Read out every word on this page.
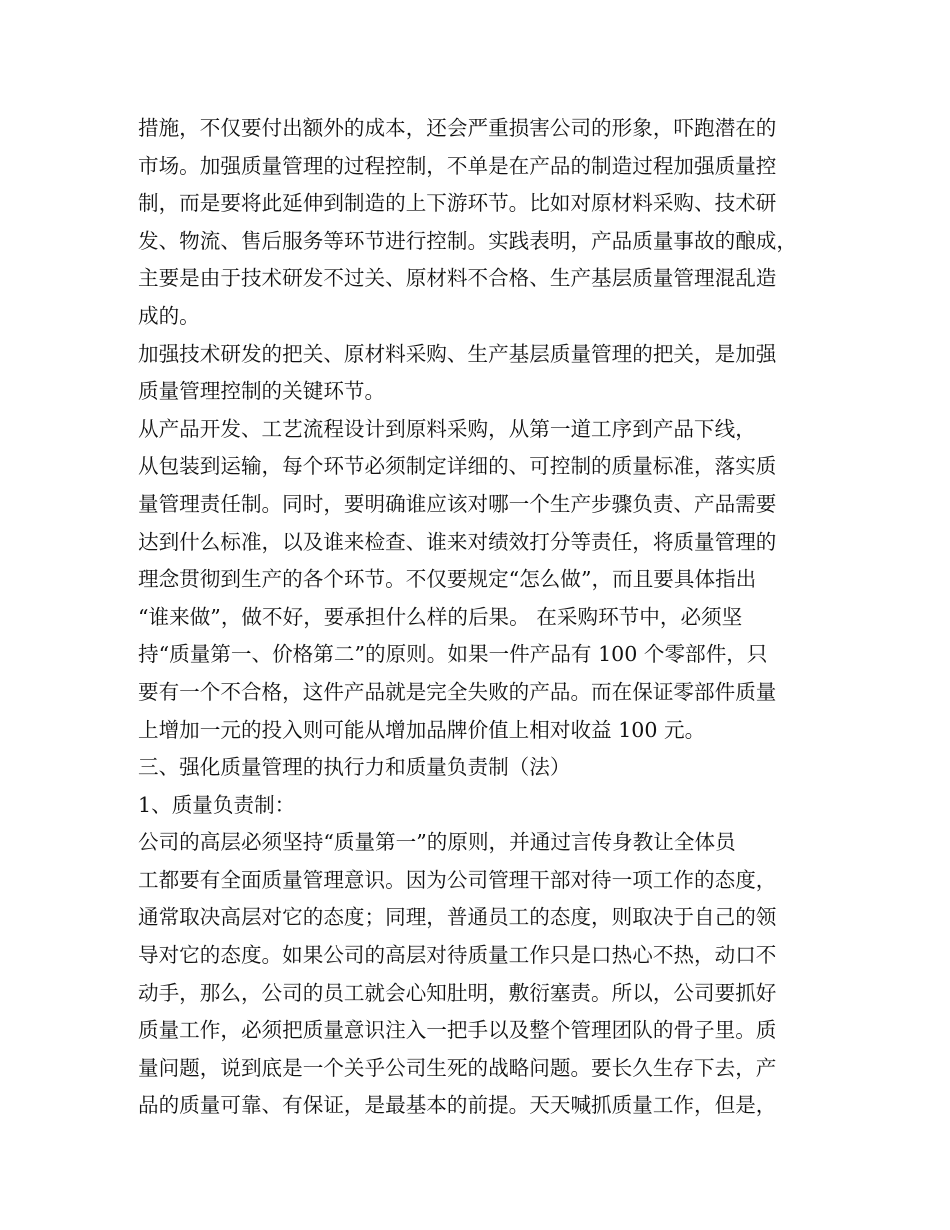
措施，不仅要付出额外的成本，还会严重损害公司的形象，吓跑潜在的
市场。加强质量管理的过程控制，不单是在产品的制造过程加强质量控
制，而是要将此延伸到制造的上下游环节。比如对原材料采购、技术研
发、物流、售后服务等环节进行控制。实践表明，产品质量事故的酿成，
主要是由于技术研发不过关、原材料不合格、生产基层质量管理混乱造
成的。
加强技术研发的把关、原材料采购、生产基层质量管理的把关，是加强
质量管理控制的关键环节。
从产品开发、工艺流程设计到原料采购，从第一道工序到产品下线，
从包装到运输，每个环节必须制定详细的、可控制的质量标准，落实质
量管理责任制。同时，要明确谁应该对哪一个生产步骤负责、产品需要
达到什么标准，以及谁来检查、谁来对绩效打分等责任，将质量管理的
理念贯彻到生产的各个环节。不仅要规定“怎么做”，而且要具体指出
“谁来做”，做不好，要承担什么样的后果。 在采购环节中，必须坚
持“质量第一、价格第二”的原则。如果一件产品有 100 个零部件，只
要有一个不合格，这件产品就是完全失败的产品。而在保证零部件质量
上增加一元的投入则可能从增加品牌价值上相对收益 100 元。
三、强化质量管理的执行力和质量负责制（法）
1、质量负责制：
公司的高层必须坚持“质量第一”的原则，并通过言传身教让全体员
工都要有全面质量管理意识。因为公司管理干部对待一项工作的态度，
通常取决高层对它的态度；同理，普通员工的态度，则取决于自己的领
导对它的态度。如果公司的高层对待质量工作只是口热心不热，动口不
动手，那么，公司的员工就会心知肚明，敷衍塞责。所以，公司要抓好
质量工作，必须把质量意识注入一把手以及整个管理团队的骨子里。质
量问题，说到底是一个关乎公司生死的战略问题。要长久生存下去，产
品的质量可靠、有保证，是最基本的前提。天天喊抓质量工作，但是，
